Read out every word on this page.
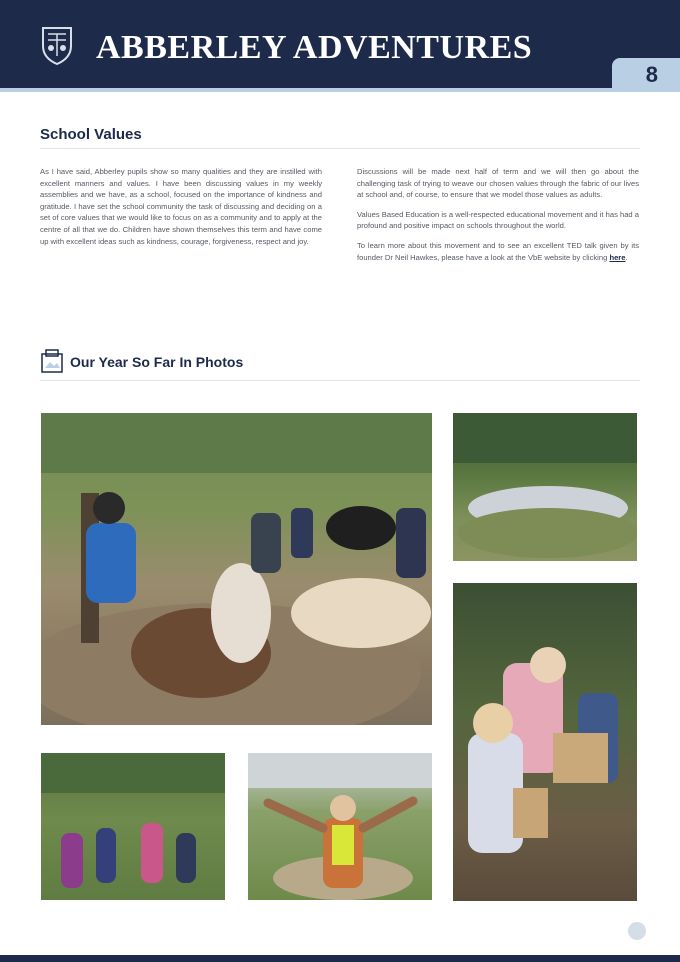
ABBERLEY ADVENTURES
8
School Values

As I have said, Abberley pupils show so many qualities and they are instilled with excellent manners and values. I have been discussing values in my weekly assemblies and we have, as a school, focused on the importance of kindness and gratitude. I have set the school community the task of discussing and deciding on a set of core values that we would like to focus on as a community and to apply at the centre of all that we do. Children have shown themselves this term and have come up with excellent ideas such as kindness, courage, forgiveness, respect and joy.

Discussions will be made next half of term and we will then go about the challenging task of trying to weave our chosen values through the fabric of our lives at school and, of course, to ensure that we model those values as adults.

Values Based Education is a well-respected educational movement and it has had a profound and positive impact on schools throughout the world.

To learn more about this movement and to see an excellent TED talk given by its founder Dr Neil Hawkes, please have a look at the VbE website by clicking here.

Our Year So Far In Photos
